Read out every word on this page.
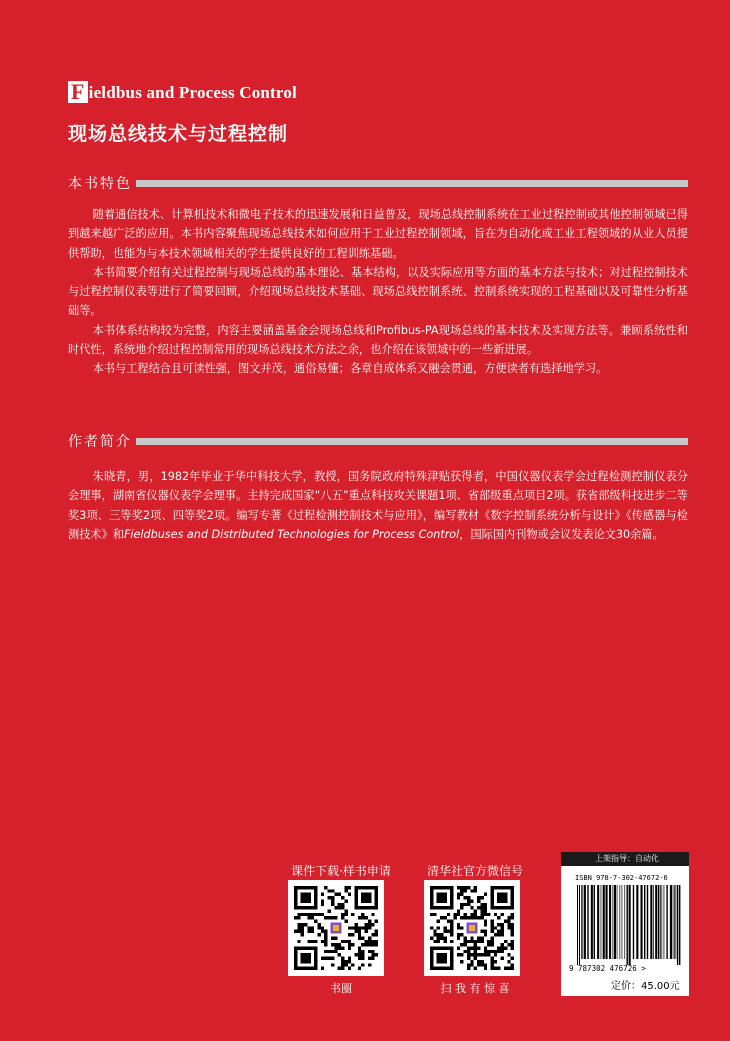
F ieldbus and Process Control
现场总线技术与过程控制
本书特色

随着通信技术、计算机技术和微电子技术的迅速发展和日益普及，现场总线控制系统在工业过程控制或其他控制领域已得到越来越广泛的应用。本书内容聚焦现场总线技术如何应用于工业过程控制领域，旨在为自动化或工业工程领域的从业人员提供帮助，也能为与本技术领域相关的学生提供良好的工程训练基础。

本书简要介绍有关过程控制与现场总线的基本理论、基本结构，以及实际应用等方面的基本方法与技术；对过程控制技术与过程控制仪表等进行了简要回顾，介绍现场总线技术基础、现场总线控制系统、控制系统实现的工程基础以及可靠性分析基础等。

本书体系结构较为完整，内容主要涵盖基金会现场总线和Profibus-PA现场总线的基本技术及实现方法等。兼顾系统性和时代性，系统地介绍过程控制常用的现场总线技术方法之余，也介绍在该领域中的一些新进展。

本书与工程结合且可读性强，图文并茂，通俗易懂；各章自成体系又融会贯通，方便读者有选择地学习。

作者简介

朱晓青，男，1982年毕业于华中科技大学，教授，国务院政府特殊津贴获得者，中国仪器仪表学会过程检测控制仪表分会理事，湖南省仪器仪表学会理事。主持完成国家“八五”重点科技攻关课题1项、省部级重点项目2项。获省部级科技进步二等奖3项、三等奖2项、四等奖2项。编写专著《过程检测控制技术与应用》，编写教材《数字控制系统分析与设计》《传感器与检测技术》和Fieldbuses and Distributed Technologies for Process Control，国际国内刊物或会议发表论文30余篇。

课件下载·样书申请
书圈
清华社官方微信号
扫 我 有 惊 喜
上架指导：自动化
ISBN 978-7-302-47672-6
9 787302 476726 >
定价：45.00元
